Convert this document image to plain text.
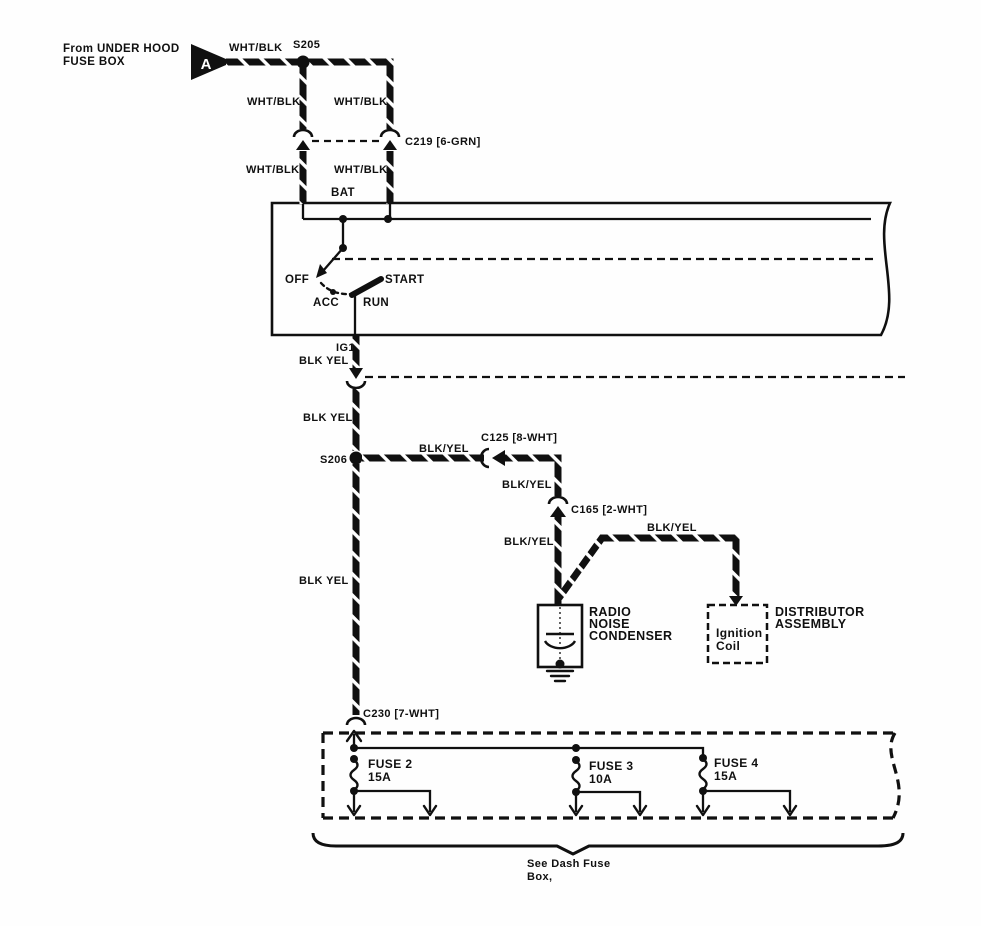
OFF	START
ACC RUN
A
From UNDER HOOD
FUSE BOX
WHT/BLK S205
WHT/BLK	WHT/BLK
WHT/BLK	WHT/BLK
BAT
C219 [6-GRN]
IG1
BLK YEL
BLK YEL
S206
BLK/YEL
C125 [8-WHT]
BLK/YEL
C165 [2-WHT]
BLK/YEL
BLK/YEL
RADIO
NOISE
CONDENSER	Ignition
Coil
DISTRIBUTOR
ASSEMBLY
BLK YEL
C230 [7-WHT]
FUSE 2
15A
FUSE 3
10A
FUSE 4
15A
See Dash Fuse
Box,
